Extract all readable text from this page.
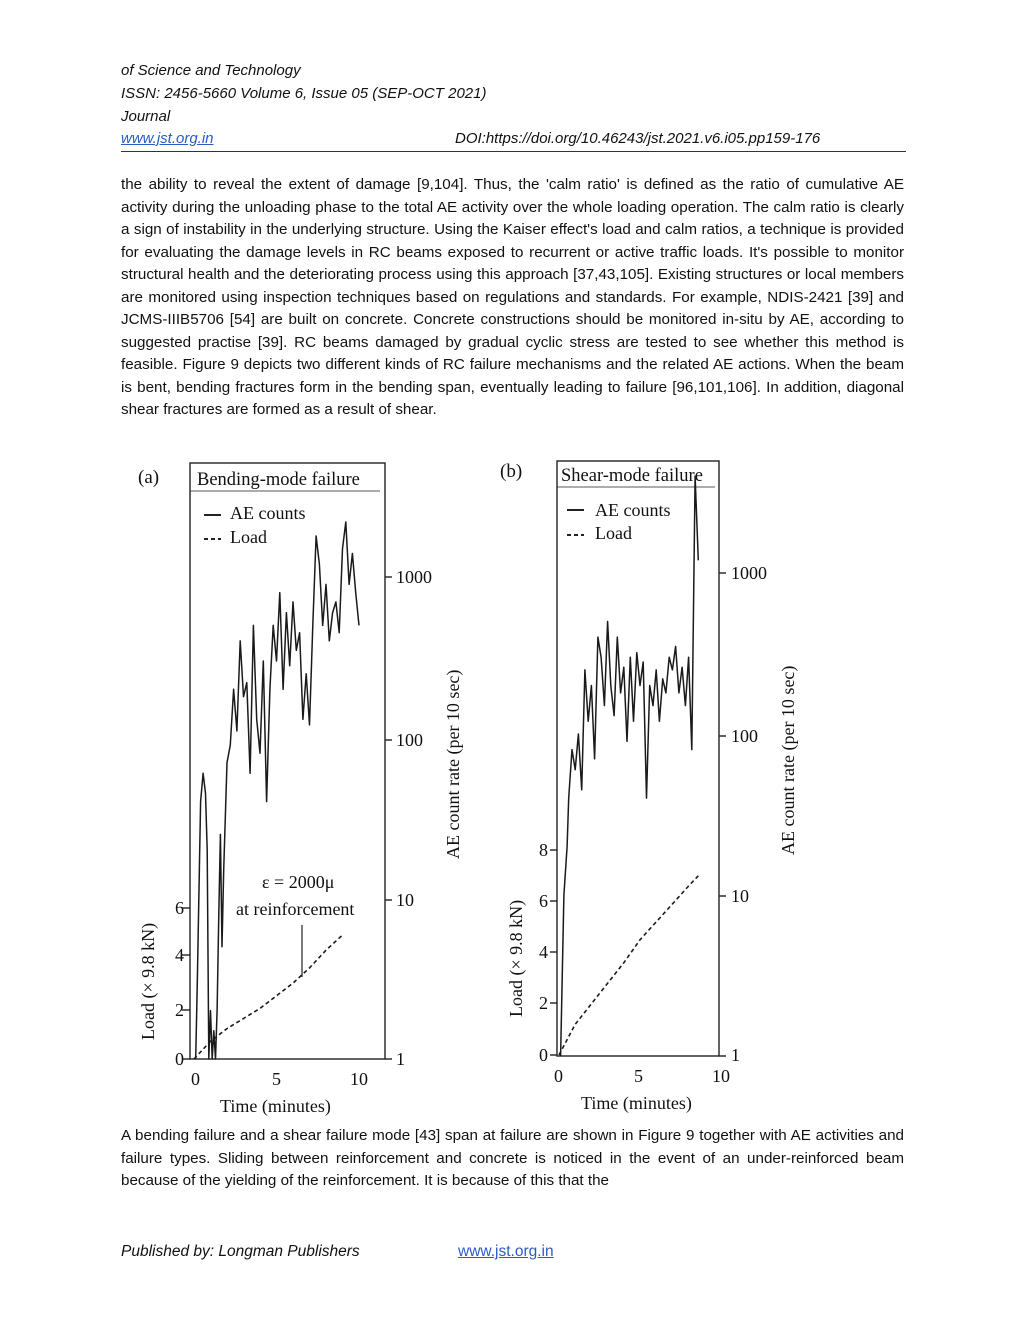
of Science and Technology
ISSN: 2456-5660 Volume 6, Issue 05 (SEP-OCT 2021)
Journal
www.jst.org.in	DOI:https://doi.org/10.46243/jst.2021.v6.i05.pp159-176
the ability to reveal the extent of damage [9,104]. Thus, the 'calm ratio' is defined as the ratio of cumulative AE activity during the unloading phase to the total AE activity over the whole loading operation. The calm ratio is clearly a sign of instability in the underlying structure. Using the Kaiser effect's load and calm ratios, a technique is provided for evaluating the damage levels in RC beams exposed to recurrent or active traffic loads. It's possible to monitor structural health and the deteriorating process using this approach [37,43,105]. Existing structures or local members are monitored using inspection techniques based on regulations and standards. For example, NDIS-2421 [39] and JCMS-IIIB5706 [54] are built on concrete. Concrete constructions should be monitored in-situ by AE, according to suggested practise [39]. RC beams damaged by gradual cyclic stress are tested to see whether this method is feasible. Figure 9 depicts two different kinds of RC failure mechanisms and the related AE actions. When the beam is bent, bending fractures form in the bending span, eventually leading to failure [96,101,106]. In addition, diagonal shear fractures are formed as a result of shear.
(a) Bending-mode failure
AE counts
Load
1000
100
10
1
AE count rate (per 10 sec)
6
4
2
0
Load (× 9.8 kN)
0	5	10
Time (minutes)
ε = 2000μ
at reinforcement
(b) Shear-mode failure
AE counts
Load
1000
100
10
1
AE count rate (per 10 sec)
8
6
4
2
0
Load (× 9.8 kN)
0	5	10
Time (minutes)
A bending failure and a shear failure mode [43] span at failure are shown in Figure 9 together with AE activities and failure types. Sliding between reinforcement and concrete is noticed in the event of an under-reinforced beam because of the yielding of the reinforcement. It is because of this that the
Published by: Longman Publishers	www.jst.org.in
